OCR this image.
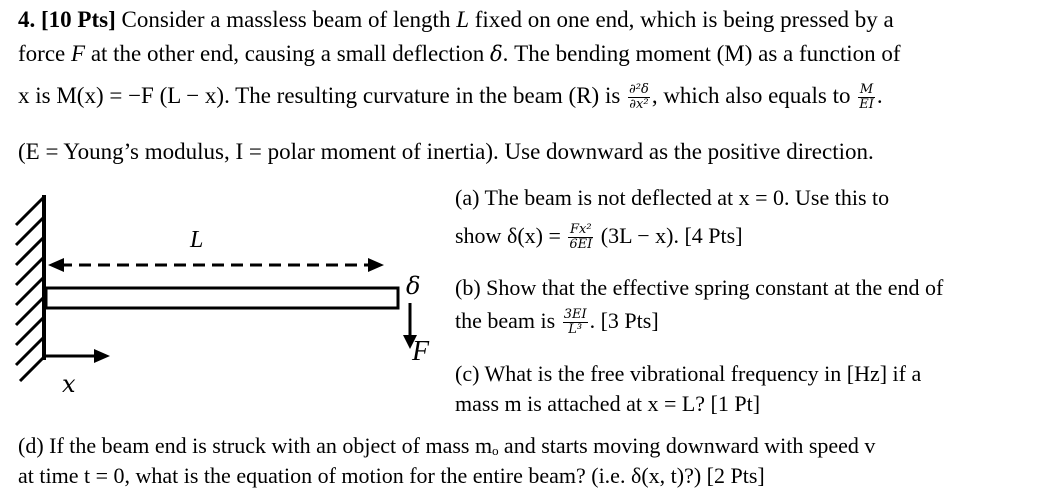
4. [10 Pts] Consider a massless beam of length L fixed on one end, which is being pressed by a
force F at the other end, causing a small deflection δ. The bending moment (M) as a function of
x is M(x) = −F (L − x). The resulting curvature in the beam (R) is $\frac{\text{∂²δ}}{\text{∂x²}}$ , which also equals to $\frac{M}{EI}$ .
(E = Young’s modulus, I = polar moment of inertia). Use downward as the positive direction.
L
δ
F
x
(a) The beam is not deflected at x = 0. Use this to
show $\delta(x) = \frac{\text{Fx²}}{6EI} (3L - x)$. [4 Pts]
(b) Show that the effective spring constant at the end of
the beam is $\frac{3EI}{\text{L³}}$ . [3 Pts]
(c) What is the free vibrational frequency in [Hz] if a
mass m is attached at x = L? [1 Pt]
(d) If the beam end is struck with an object of mass mₒ and starts moving downward with speed v
at time t = 0, what is the equation of motion for the entire beam? (i.e. δ(x, t)?) [2 Pts]
